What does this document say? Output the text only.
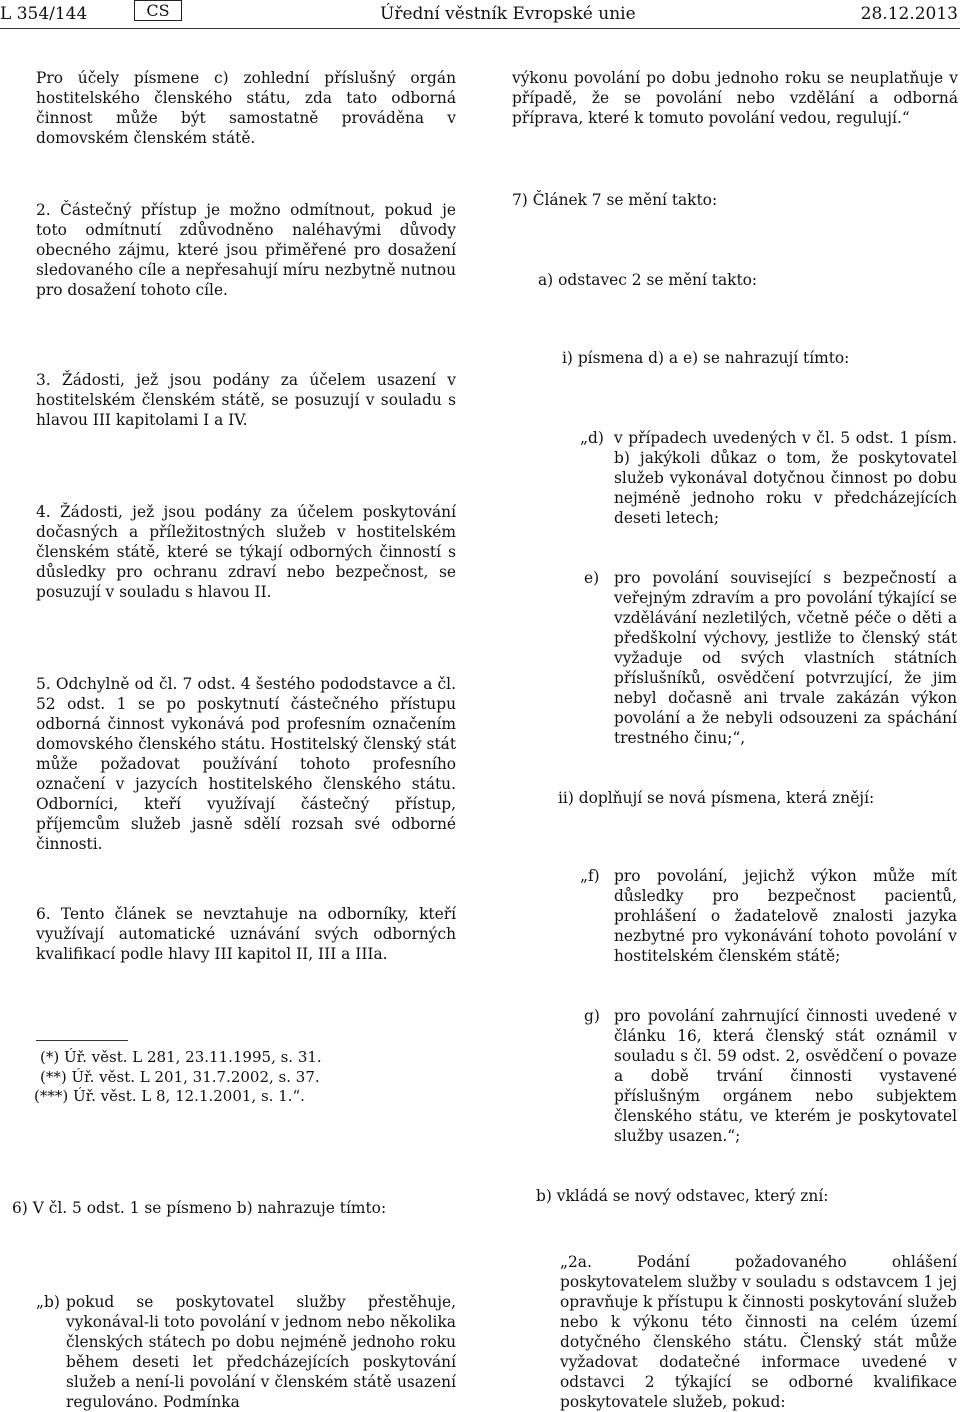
L 354/144	CS	Úřední věstník Evropské unie	28.12.2013
Pro účely písmene c) zohlední příslušný orgán hostitelského členského státu, zda tato odborná činnost může být samostatně prováděna v domovském členském státě.
2. Částečný přístup je možno odmítnout, pokud je toto odmítnutí zdůvodněno naléhavými důvody obecného zájmu, které jsou přiměřené pro dosažení sledovaného cíle a nepřesahují míru nezbytně nutnou pro dosažení tohoto cíle.
3. Žádosti, jež jsou podány za účelem usazení v hostitelském členském státě, se posuzují v souladu s hlavou III kapitolami I a IV.
4. Žádosti, jež jsou podány za účelem poskytování dočasných a příležitostných služeb v hostitelském členském státě, které se týkají odborných činností s důsledky pro ochranu zdraví nebo bezpečnost, se posuzují v souladu s hlavou II.
5. Odchylně od čl. 7 odst. 4 šestého pododstavce a čl. 52 odst. 1 se po poskytnutí částečného přístupu odborná činnost vykonává pod profesním označením domovského členského státu. Hostitelský členský stát může požadovat používání tohoto profesního označení v jazycích hostitelského členského státu. Odborníci, kteří využívají částečný přístup, příjemcům služeb jasně sdělí rozsah své odborné činnosti.
6. Tento článek se nevztahuje na odborníky, kteří využívají automatické uznávání svých odborných kvalifikací podle hlavy III kapitol II, III a IIIa.
(*) Úř. věst. L 281, 23.11.1995, s. 31.
(**) Úř. věst. L 201, 31.7.2002, s. 37.
(***) Úř. věst. L 8, 12.1.2001, s. 1.“.
6) V čl. 5 odst. 1 se písmeno b) nahrazuje tímto:
„b) pokud se poskytovatel služby přestěhuje, vykonával-li toto povolání v jednom nebo několika členských státech po dobu nejméně jednoho roku během deseti let předcházejících poskytování služeb a není-li povolání v členském státě usazení regulováno. Podmínka
výkonu povolání po dobu jednoho roku se neuplatňuje v případě, že se povolání nebo vzdělání a odborná příprava, které k tomuto povolání vedou, regulují.“
7) Článek 7 se mění takto:
a) odstavec 2 se mění takto:
i) písmena d) a e) se nahrazují tímto:
„d) v případech uvedených v čl. 5 odst. 1 písm. b) jakýkoli důkaz o tom, že poskytovatel služeb vykonával dotyčnou činnost po dobu nejméně jednoho roku v předcházejících deseti letech;
e) pro povolání související s bezpečností a veřejným zdravím a pro povolání týkající se vzdělávání nezletilých, včetně péče o děti a předškolní výchovy, jestliže to členský stát vyžaduje od svých vlastních státních příslušníků, osvědčení potvrzující, že jim nebyl dočasně ani trvale zakázán výkon povolání a že nebyli odsouzeni za spáchání trestného činu;“,
ii) doplňují se nová písmena, která znějí:
„f) pro povolání, jejichž výkon může mít důsledky pro bezpečnost pacientů, prohlášení o žadatelově znalosti jazyka nezbytné pro vykonávání tohoto povolání v hostitelském členském státě;
g) pro povolání zahrnující činnosti uvedené v článku 16, která členský stát oznámil v souladu s čl. 59 odst. 2, osvědčení o povaze a době trvání činnosti vystavené příslušným orgánem nebo subjektem členského státu, ve kterém je poskytovatel služby usazen.“;
b) vkládá se nový odstavec, který zní:
„2a. Podání požadovaného ohlášení poskytovatelem služby v souladu s odstavcem 1 jej opravňuje k přístupu k činnosti poskytování služeb nebo k výkonu této činnosti na celém území dotyčného členského státu. Členský stát může vyžadovat dodatečné informace uvedené v odstavci 2 týkající se odborné kvalifikace poskytovatele služeb, pokud:
